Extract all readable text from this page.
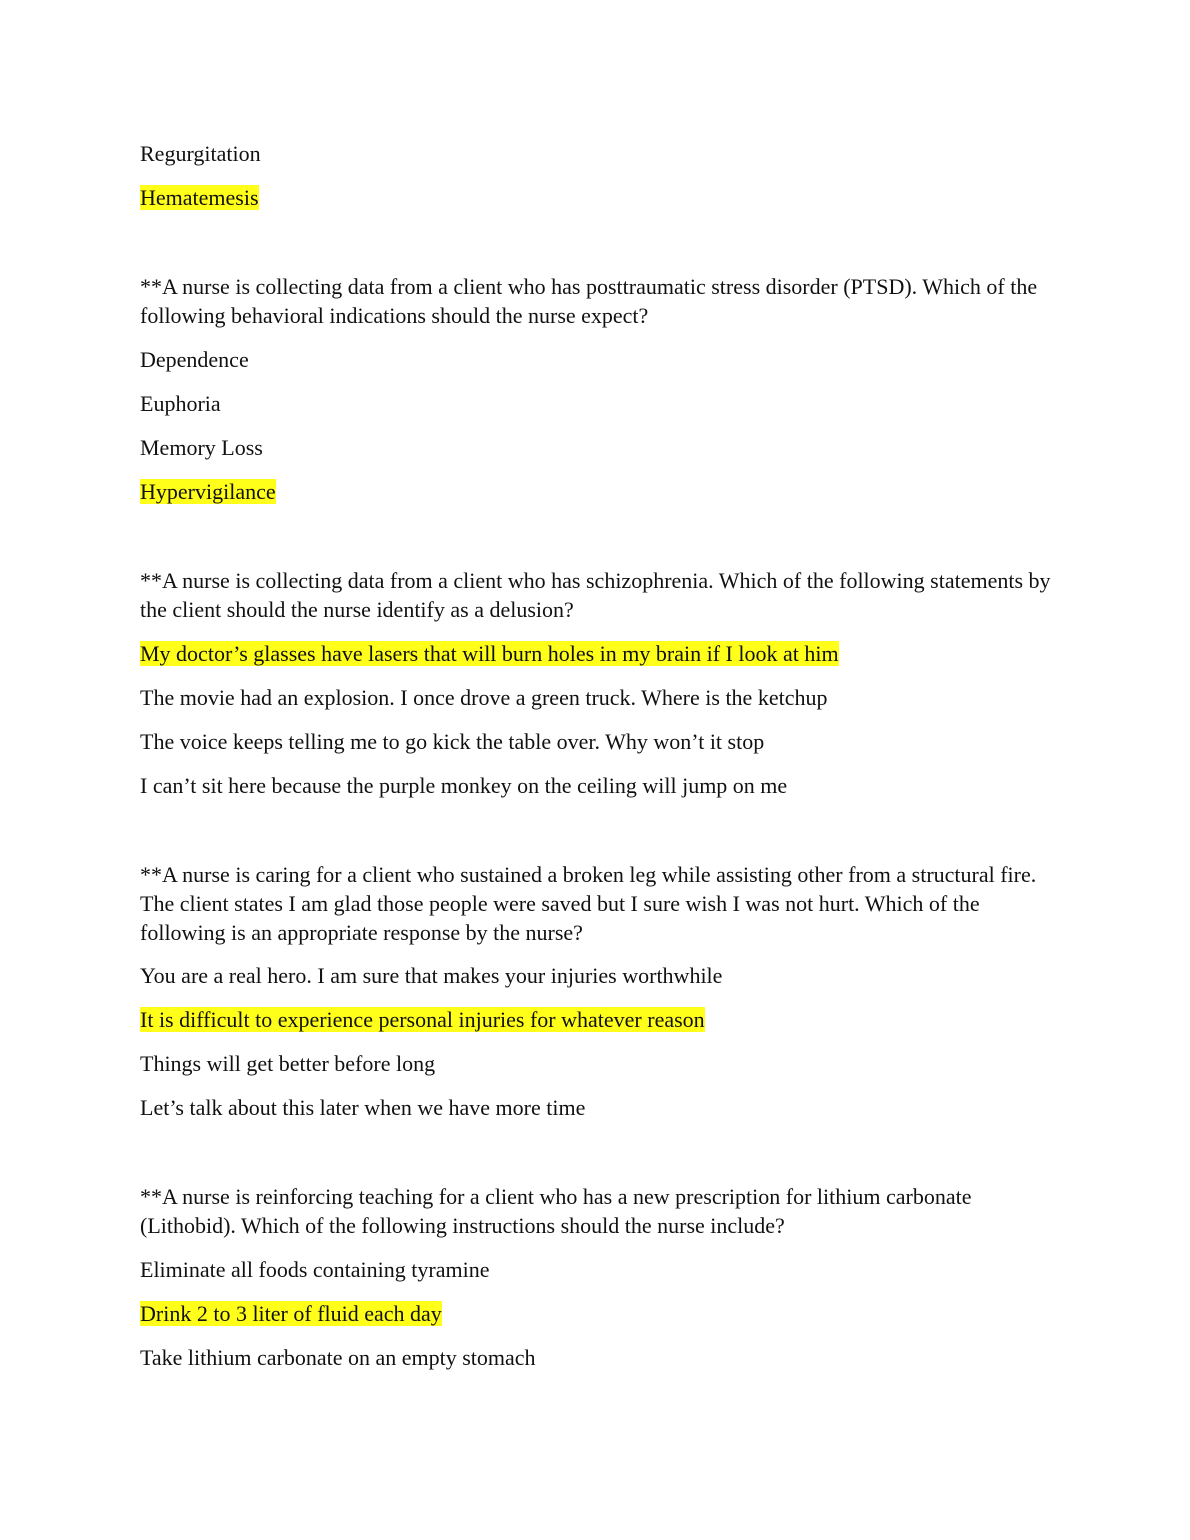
Regurgitation
Hematemesis
**A nurse is collecting data from a client who has posttraumatic stress disorder (PTSD). Which of the following behavioral indications should the nurse expect?
Dependence
Euphoria
Memory Loss
Hypervigilance
**A nurse is collecting data from a client who has schizophrenia. Which of the following statements by the client should the nurse identify as a delusion?
My doctor’s glasses have lasers that will burn holes in my brain if I look at him
The movie had an explosion. I once drove a green truck. Where is the ketchup
The voice keeps telling me to go kick the table over. Why won’t it stop
I can’t sit here because the purple monkey on the ceiling will jump on me
**A nurse is caring for a client who sustained a broken leg while assisting other from a structural fire. The client states I am glad those people were saved but I sure wish I was not hurt. Which of the following is an appropriate response by the nurse?
You are a real hero. I am sure that makes your injuries worthwhile
It is difficult to experience personal injuries for whatever reason
Things will get better before long
Let’s talk about this later when we have more time
**A nurse is reinforcing teaching for a client who has a new prescription for lithium carbonate (Lithobid). Which of the following instructions should the nurse include?
Eliminate all foods containing tyramine
Drink 2 to 3 liter of fluid each day
Take lithium carbonate on an empty stomach
